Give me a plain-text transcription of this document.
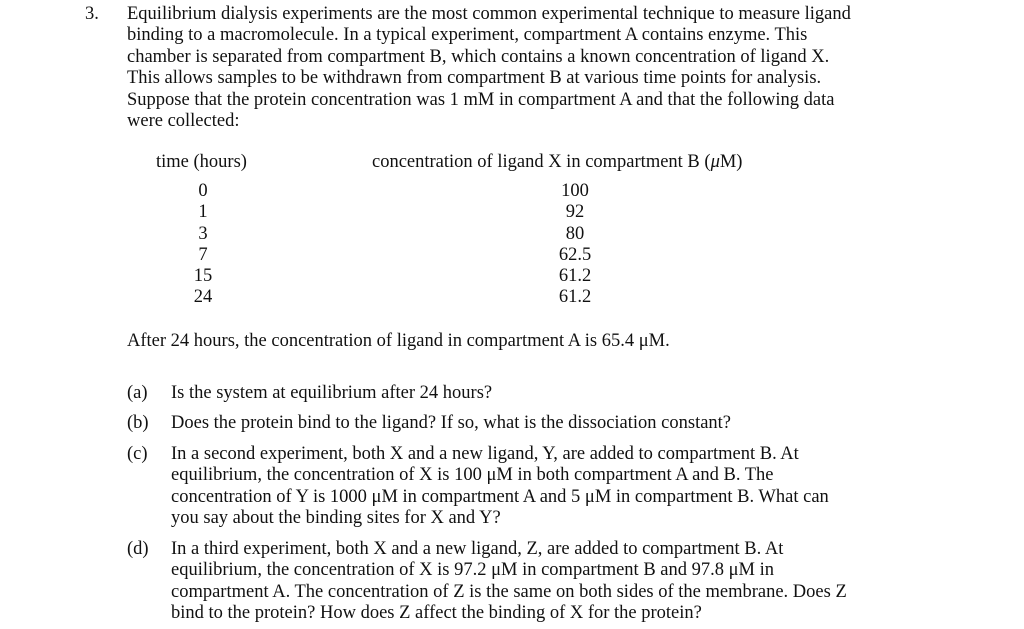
3. Equilibrium dialysis experiments are the most common experimental technique to measure ligand
binding to a macromolecule. In a typical experiment, compartment A contains enzyme. This
chamber is separated from compartment B, which contains a known concentration of ligand X.
This allows samples to be withdrawn from compartment B at various time points for analysis.
Suppose that the protein concentration was 1 mM in compartment A and that the following data
were collected:
time (hours)	concentration of ligand X in compartment B (μM)
0
1
3
7
15
24
100
92
80
62.5
61.2
61.2
After 24 hours, the concentration of ligand in compartment A is 65.4 μM.
(a) Is the system at equilibrium after 24 hours?
(b) Does the protein bind to the ligand? If so, what is the dissociation constant?
(c) In a second experiment, both X and a new ligand, Y, are added to compartment B. At
equilibrium, the concentration of X is 100 μM in both compartment A and B. The
concentration of Y is 1000 μM in compartment A and 5 μM in compartment B. What can
you say about the binding sites for X and Y?
(d) In a third experiment, both X and a new ligand, Z, are added to compartment B. At
equilibrium, the concentration of X is 97.2 μM in compartment B and 97.8 μM in
compartment A. The concentration of Z is the same on both sides of the membrane. Does Z
bind to the protein? How does Z affect the binding of X for the protein?
